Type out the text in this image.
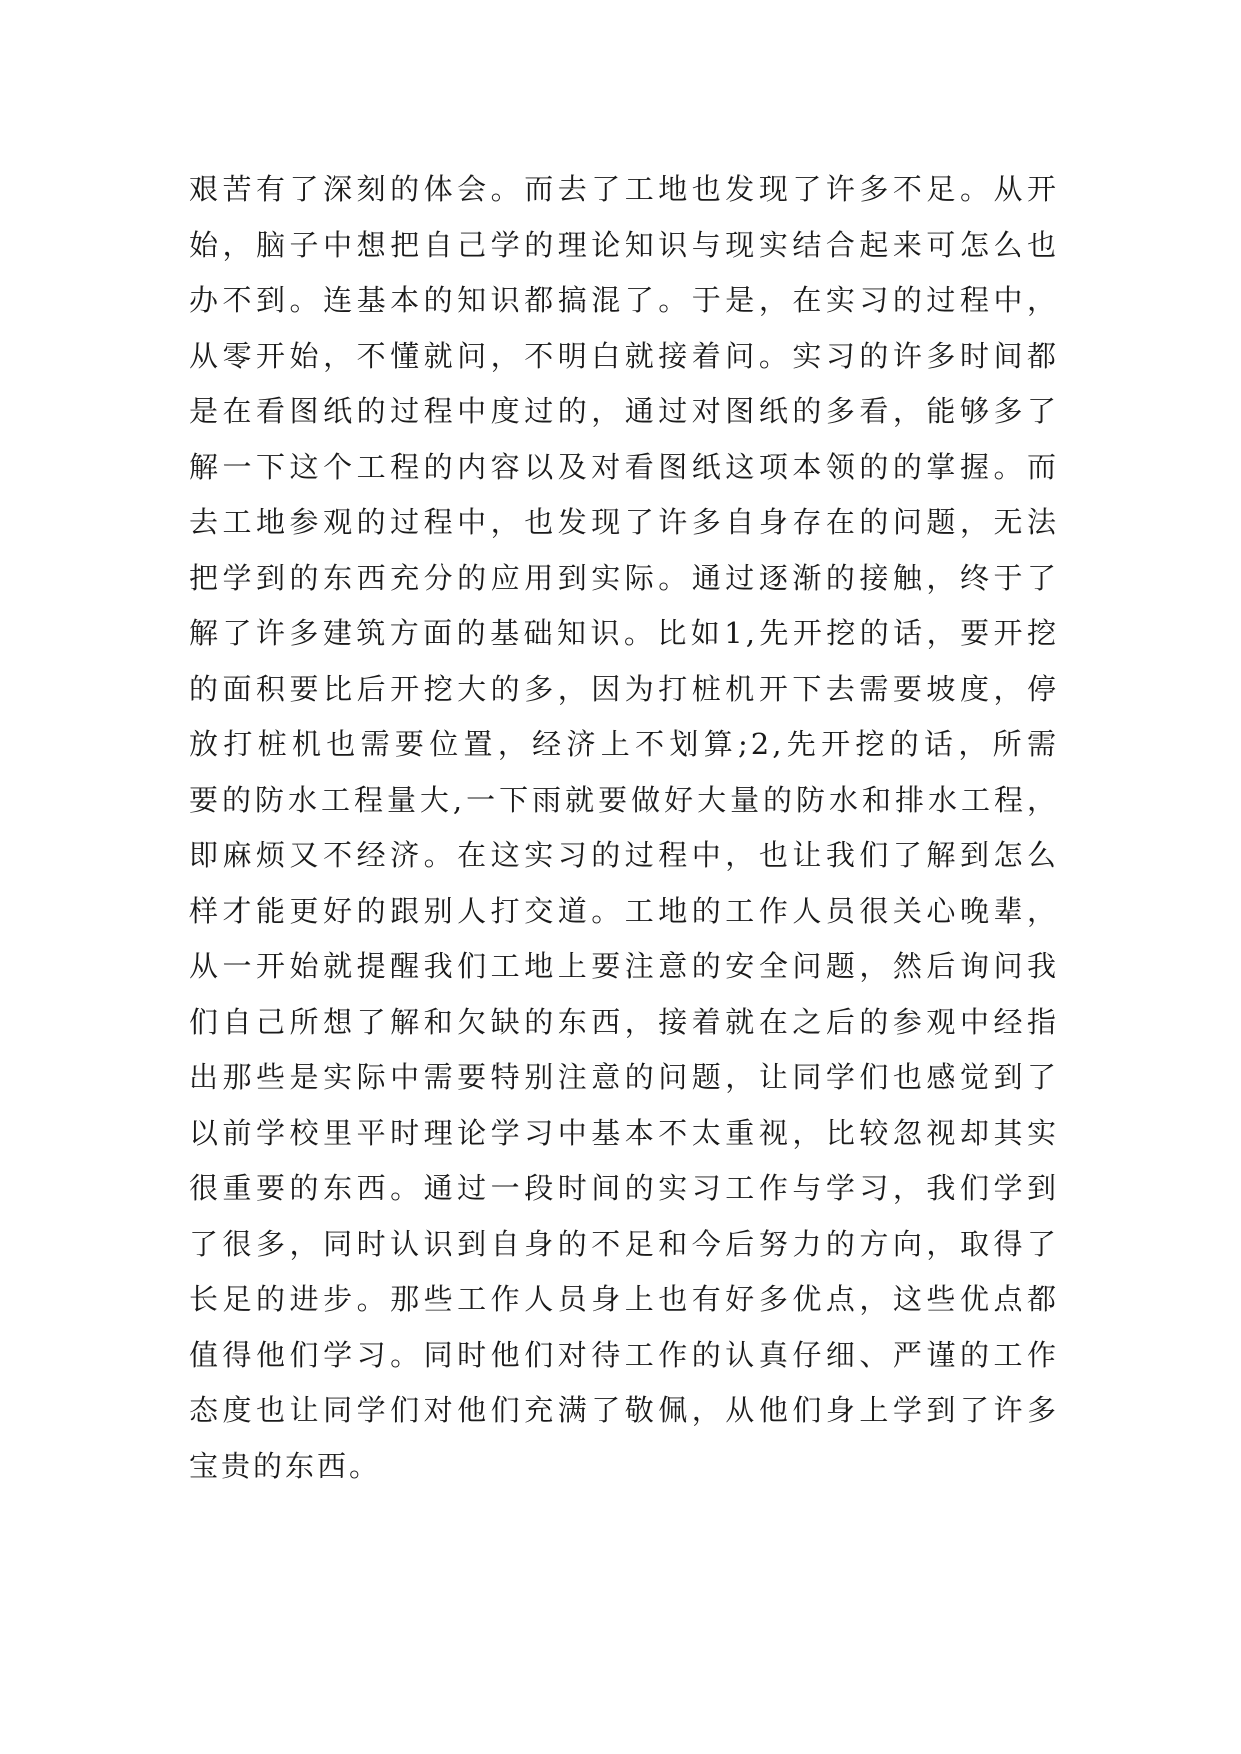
艰苦有了深刻的体会。而去了工地也发现了许多不足。从开
始，脑子中想把自己学的理论知识与现实结合起来可怎么也
办不到。连基本的知识都搞混了。于是，在实习的过程中，
从零开始，不懂就问，不明白就接着问。实习的许多时间都
是在看图纸的过程中度过的，通过对图纸的多看，能够多了
解一下这个工程的内容以及对看图纸这项本领的的掌握。而
去工地参观的过程中，也发现了许多自身存在的问题，无法
把学到的东西充分的应用到实际。通过逐渐的接触，终于了
解了许多建筑方面的基础知识。比如1,先开挖的话，要开挖
的面积要比后开挖大的多，因为打桩机开下去需要坡度，停
放打桩机也需要位置，经济上不划算;2,先开挖的话，所需
要的防水工程量大,一下雨就要做好大量的防水和排水工程，
即麻烦又不经济。在这实习的过程中，也让我们了解到怎么
样才能更好的跟别人打交道。工地的工作人员很关心晚辈，
从一开始就提醒我们工地上要注意的安全问题，然后询问我
们自己所想了解和欠缺的东西，接着就在之后的参观中经指
出那些是实际中需要特别注意的问题，让同学们也感觉到了
以前学校里平时理论学习中基本不太重视，比较忽视却其实
很重要的东西。通过一段时间的实习工作与学习，我们学到
了很多，同时认识到自身的不足和今后努力的方向，取得了
长足的进步。那些工作人员身上也有好多优点，这些优点都
值得他们学习。同时他们对待工作的认真仔细、严谨的工作
态度也让同学们对他们充满了敬佩，从他们身上学到了许多
宝贵的东西。
